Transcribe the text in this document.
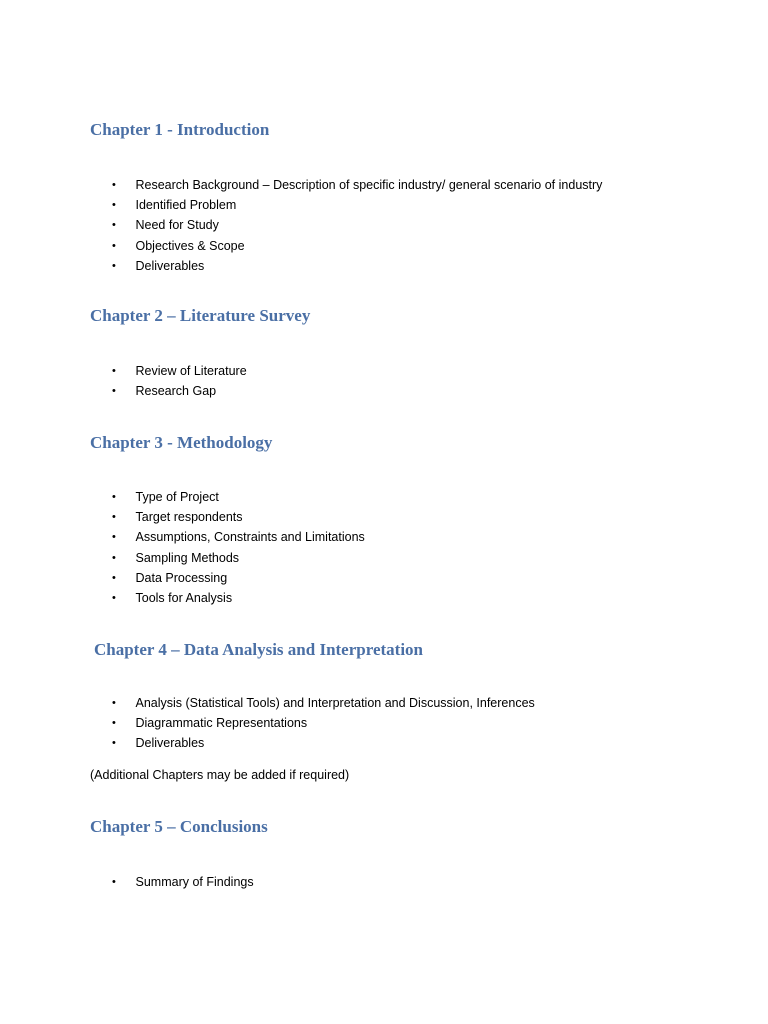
Chapter 1 - Introduction
•	Research Background – Description of specific industry/ general scenario of industry
•	Identified Problem
•	Need for Study
•	Objectives & Scope
•	Deliverables
Chapter 2 – Literature Survey
•	Review of Literature
•	Research Gap
Chapter 3 - Methodology
•	Type of Project
•	Target respondents
•	Assumptions, Constraints and Limitations
•	Sampling Methods
•	Data Processing
•	Tools for Analysis
Chapter 4 – Data Analysis and Interpretation
•	Analysis (Statistical Tools) and Interpretation and Discussion, Inferences
•	Diagrammatic Representations
•	Deliverables

(Additional Chapters may be added if required)

Chapter 5 – Conclusions
•	Summary of Findings
